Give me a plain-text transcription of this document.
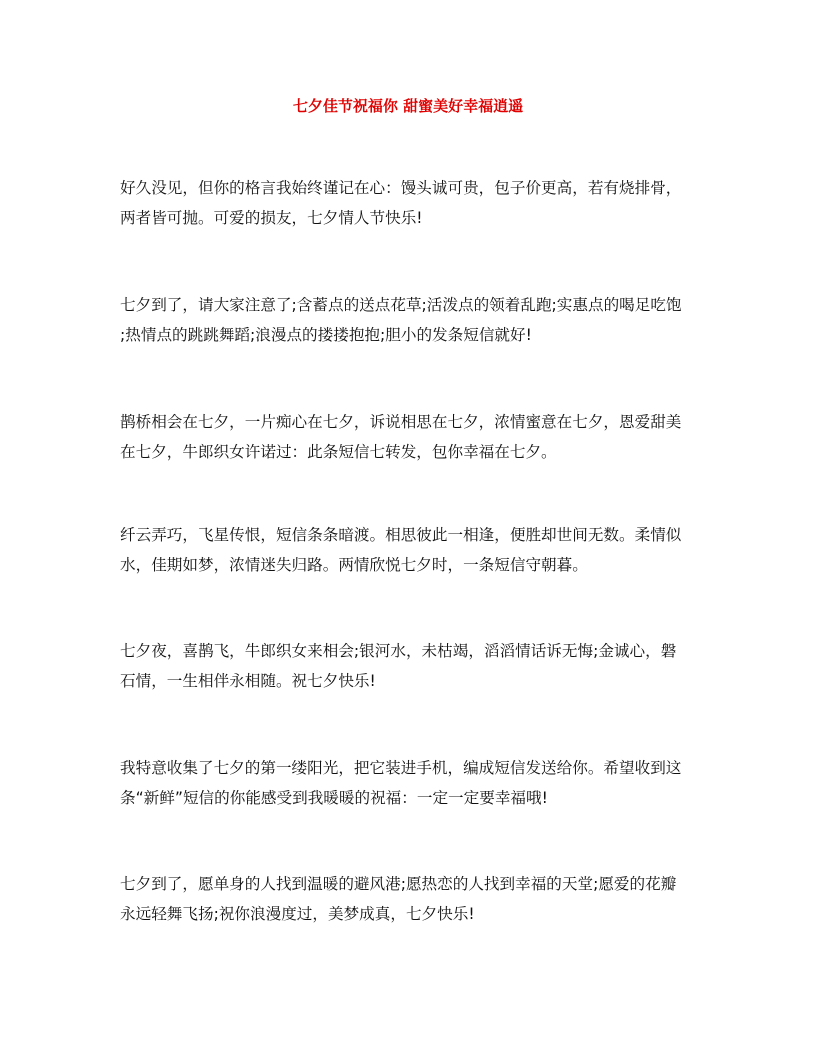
七夕佳节祝福你 甜蜜美好幸福逍遥
好久没见，但你的格言我始终谨记在心：馒头诚可贵，包子价更高，若有烧排骨，
两者皆可抛。可爱的损友，七夕情人节快乐!
七夕到了，请大家注意了;含蓄点的送点花草;活泼点的领着乱跑;实惠点的喝足吃饱
;热情点的跳跳舞蹈;浪漫点的搂搂抱抱;胆小的发条短信就好!
鹊桥相会在七夕，一片痴心在七夕，诉说相思在七夕，浓情蜜意在七夕，恩爱甜美
在七夕，牛郎织女许诺过：此条短信七转发，包你幸福在七夕。
纤云弄巧，飞星传恨，短信条条暗渡。相思彼此一相逢，便胜却世间无数。柔情似
水，佳期如梦，浓情迷失归路。两情欣悦七夕时，一条短信守朝暮。
七夕夜，喜鹊飞，牛郎织女来相会;银河水，未枯竭，滔滔情话诉无悔;金诚心，磐
石情，一生相伴永相随。祝七夕快乐!
我特意收集了七夕的第一缕阳光，把它装进手机，编成短信发送给你。希望收到这
条“新鲜”短信的你能感受到我暖暖的祝福：一定一定要幸福哦!
七夕到了，愿单身的人找到温暖的避风港;愿热恋的人找到幸福的天堂;愿爱的花瓣
永远轻舞飞扬;祝你浪漫度过，美梦成真，七夕快乐!
